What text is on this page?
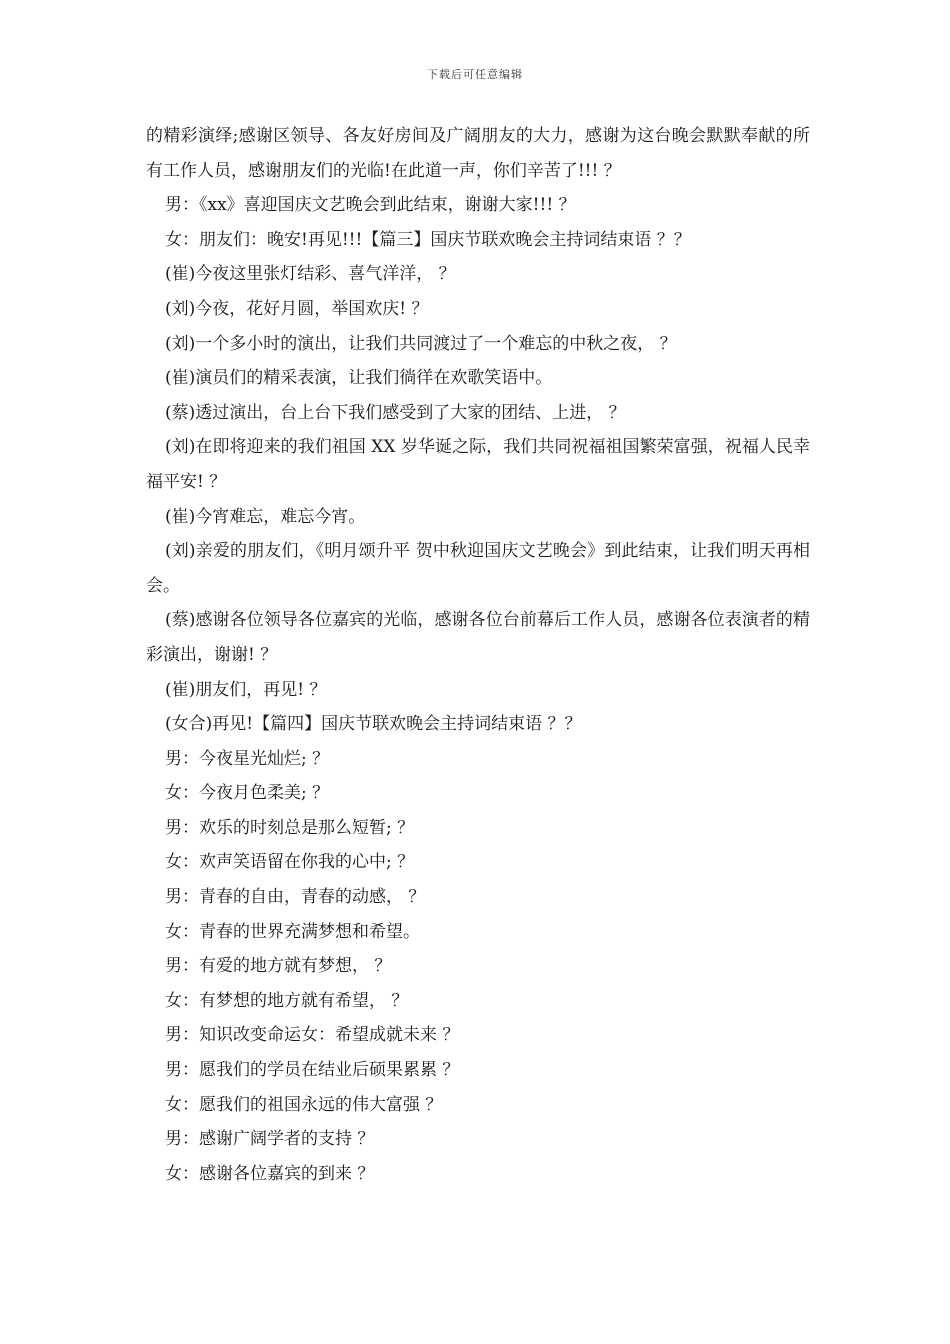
下载后可任意编辑

的精彩演绎;感谢区领导、各友好房间及广阔朋友的大力，感谢为这台晚会默默奉献的所有工作人员，感谢朋友们的光临!在此道一声，你们辛苦了!!! ？

男：《xx》喜迎国庆文艺晚会到此结束，谢谢大家!!! ？

女：朋友们：晚安!再见!!!【篇三】国庆节联欢晚会主持词结束语 ？？

(崔)今夜这里张灯结彩、喜气洋洋， ？

(刘)今夜，花好月圆，举国欢庆! ？

(刘)一个多小时的演出，让我们共同渡过了一个难忘的中秋之夜， ？

(崔)演员们的精采表演，让我们徜徉在欢歌笑语中。

(蔡)透过演出，台上台下我们感受到了大家的团结、上进， ？

(刘)在即将迎来的我们祖国 XX 岁华诞之际，我们共同祝福祖国繁荣富强，祝福人民幸福平安! ？

(崔)今宵难忘，难忘今宵。

(刘)亲爱的朋友们，《明月颂升平 贺中秋迎国庆文艺晚会》到此结束，让我们明天再相会。

(蔡)感谢各位领导各位嘉宾的光临，感谢各位台前幕后工作人员，感谢各位表演者的精彩演出，谢谢! ？

(崔)朋友们，再见! ？

(女合)再见!【篇四】国庆节联欢晚会主持词结束语 ？？

男：今夜星光灿烂; ？

女：今夜月色柔美; ？

男：欢乐的时刻总是那么短暂; ？

女：欢声笑语留在你我的心中; ？

男：青春的自由，青春的动感， ？

女：青春的世界充满梦想和希望。

男：有爱的地方就有梦想， ？

女：有梦想的地方就有希望， ？

男：知识改变命运女：希望成就未来 ？

男：愿我们的学员在结业后硕果累累 ？

女：愿我们的祖国永远的伟大富强 ？

男：感谢广阔学者的支持 ？

女：感谢各位嘉宾的到来 ？
